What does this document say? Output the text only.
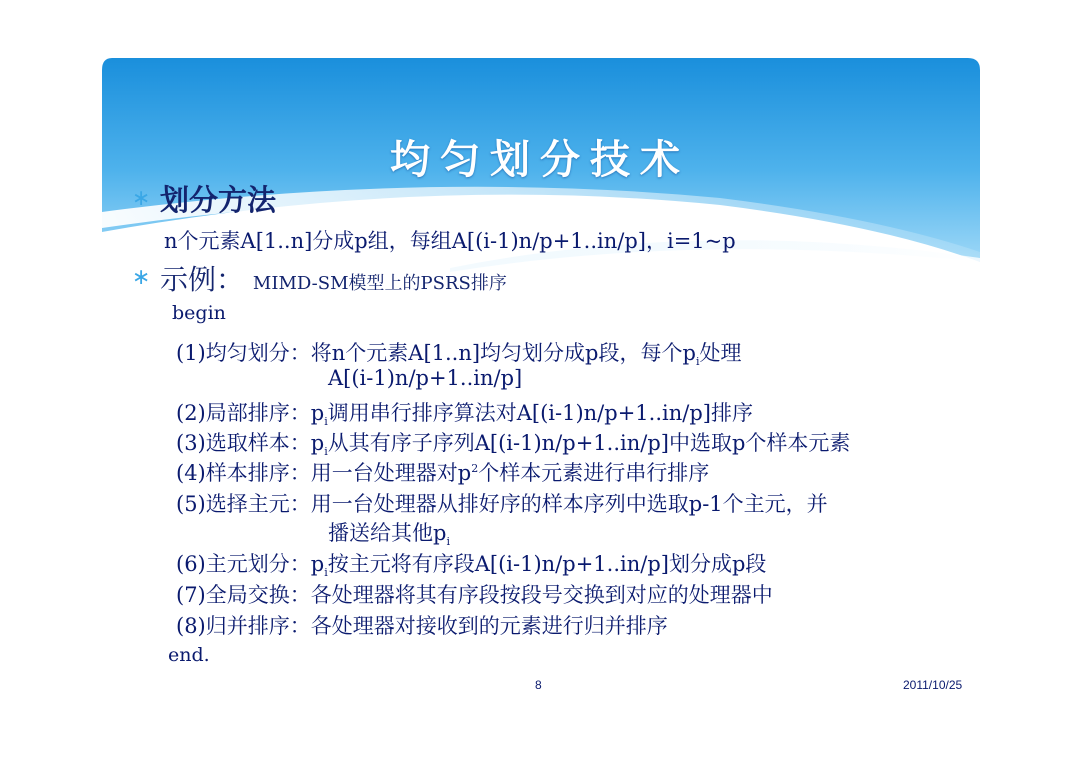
均匀划分技术
∗ 划分方法
n个元素A[1..n]分成p组，每组A[(i-1)n/p+1..in/p]，i=1~p
∗ 示例： MIMD-SM模型上的PSRS排序
begin
(1)均匀划分：将n个元素A[1..n]均匀划分成p段，每个$p_i$处理
A[(i-1)n/p+1..in/p]
(2)局部排序：$p_i$调用串行排序算法对A[(i-1)n/p+1..in/p]排序
(3)选取样本：$p_i$从其有序子序列A[(i-1)n/p+1..in/p]中选取p个样本元素
(4)样本排序：用一台处理器对$p^2$个样本元素进行串行排序
(5)选择主元：用一台处理器从排好序的样本序列中选取p-1个主元，并
播送给其他$p_i$
(6)主元划分：$p_i$按主元将有序段A[(i-1)n/p+1..in/p]划分成p段
(7)全局交换：各处理器将其有序段按段号交换到对应的处理器中
(8)归并排序：各处理器对接收到的元素进行归并排序
end.
8	2011/10/25
